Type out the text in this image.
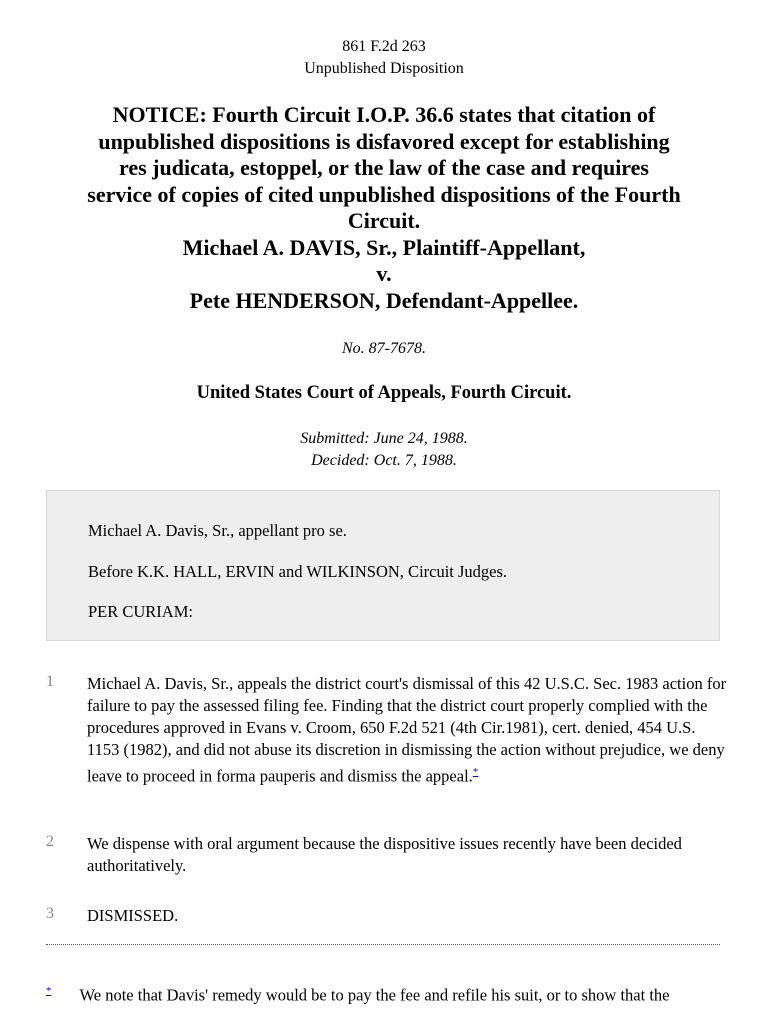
861 F.2d 263
Unpublished Disposition
NOTICE: Fourth Circuit I.O.P. 36.6 states that citation of
unpublished dispositions is disfavored except for establishing
res judicata, estoppel, or the law of the case and requires
service of copies of cited unpublished dispositions of the Fourth
Circuit.
Michael A. DAVIS, Sr., Plaintiff-Appellant,
v.
Pete HENDERSON, Defendant-Appellee.
No. 87-7678.
United States Court of Appeals, Fourth Circuit.
Submitted: June 24, 1988.
Decided: Oct. 7, 1988.

Michael A. Davis, Sr., appellant pro se.

Before K.K. HALL, ERVIN and WILKINSON, Circuit Judges.

PER CURIAM:

1 Michael A. Davis, Sr., appeals the district court's dismissal of this 42 U.S.C. Sec. 1983 action for failure to pay the assessed filing fee. Finding that the district court properly complied with the procedures approved in Evans v. Croom, 650 F.2d 521 (4th Cir.1981), cert. denied, 454 U.S. 1153 (1982), and did not abuse its discretion in dismissing the action without prejudice, we deny leave to proceed in forma pauperis and dismiss the appeal.*
2 We dispense with oral argument because the dispositive issues recently have been decided authoritatively.
3 DISMISSED.
* We note that Davis' remedy would be to pay the fee and refile his suit, or to show that the
